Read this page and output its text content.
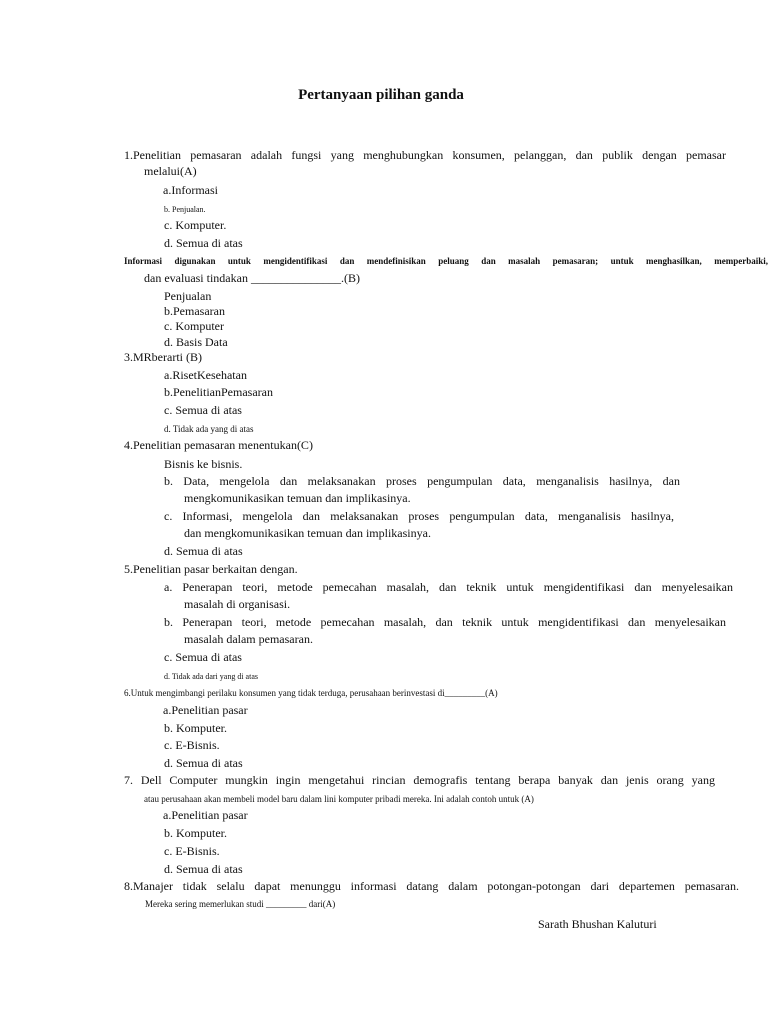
Pertanyaan pilihan ganda
1.Penelitian pemasaran adalah fungsi yang menghubungkan konsumen, pelanggan, dan publik dengan pemasar
melalui(A)
a.Informasi
b. Penjualan.
c. Komputer.
d. Semua di atas
Informasi digunakan untuk mengidentifikasi dan mendefinisikan peluang dan masalah pemasaran; untuk menghasilkan, memperbaiki,
dan evaluasi tindakan _______________.(B)
Penjualan
b.Pemasaran
c. Komputer
d. Basis Data
3.MRberarti (B)
a.RisetKesehatan
b.PenelitianPemasaran
c. Semua di atas
d. Tidak ada yang di atas
4.Penelitian pemasaran menentukan(C)
Bisnis ke bisnis.
b. Data, mengelola dan melaksanakan proses pengumpulan data, menganalisis hasilnya, dan
mengkomunikasikan temuan dan implikasinya.
c. Informasi, mengelola dan melaksanakan proses pengumpulan data, menganalisis hasilnya,
dan mengkomunikasikan temuan dan implikasinya.
d. Semua di atas
5.Penelitian pasar berkaitan dengan.
a. Penerapan teori, metode pemecahan masalah, dan teknik untuk mengidentifikasi dan menyelesaikan
masalah di organisasi.
b. Penerapan teori, metode pemecahan masalah, dan teknik untuk mengidentifikasi dan menyelesaikan
masalah dalam pemasaran.
c. Semua di atas
d. Tidak ada dari yang di atas
6.Untuk mengimbangi perilaku konsumen yang tidak terduga, perusahaan berinvestasi di_________(A)
a.Penelitian pasar
b. Komputer.
c. E-Bisnis.
d. Semua di atas
7. Dell Computer mungkin ingin mengetahui rincian demografis tentang berapa banyak dan jenis orang yang
atau perusahaan akan membeli model baru dalam lini komputer pribadi mereka. Ini adalah contoh untuk (A)
a.Penelitian pasar
b. Komputer.
c. E-Bisnis.
d. Semua di atas
8.Manajer tidak selalu dapat menunggu informasi datang dalam potongan-potongan dari departemen pemasaran.
Mereka sering memerlukan studi _________ dari(A)
Sarath Bhushan Kaluturi
